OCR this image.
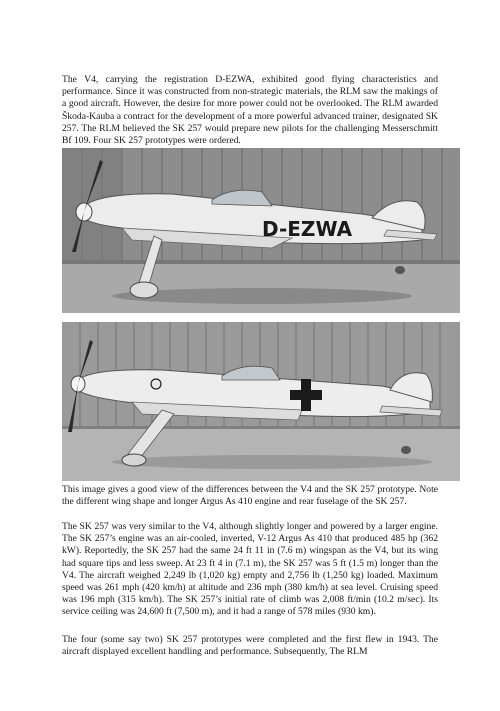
The V4, carrying the registration D-EZWA, exhibited good flying characteristics and performance. Since it was constructed from non-strategic materials, the RLM saw the makings of a good aircraft. However, the desire for more power could not be overlooked. The RLM awarded Škoda-Kauba a contract for the development of a more powerful advanced trainer, designated SK 257. The RLM believed the SK 257 would prepare new pilots for the challenging Messerschmitt Bf 109. Four SK 257 prototypes were ordered.

D-EZWA

This image gives a good view of the differences between the V4 and the SK 257 prototype. Note the different wing shape and longer Argus As 410 engine and rear fuselage of the SK 257.

The SK 257 was very similar to the V4, although slightly longer and powered by a larger engine. The SK 257’s engine was an air-cooled, inverted, V-12 Argus As 410 that produced 485 hp (362 kW). Reportedly, the SK 257 had the same 24 ft 11 in (7.6 m) wingspan as the V4, but its wing had square tips and less sweep. At 23 ft 4 in (7.1 m), the SK 257 was 5 ft (1.5 m) longer than the V4. The aircraft weighed 2,249 lb (1,020 kg) empty and 2,756 lb (1,250 kg) loaded. Maximum speed was 261 mph (420 km/h) at altitude and 236 mph (380 km/h) at sea level. Cruising speed was 196 mph (315 km/h). The SK 257’s initial rate of climb was 2,008 ft/min (10.2 m/sec). Its service ceiling was 24,600 ft (7,500 m), and it had a range of 578 miles (930 km).

The four (some say two) SK 257 prototypes were completed and the first flew in 1943. The aircraft displayed excellent handling and performance. Subsequently, The RLM
